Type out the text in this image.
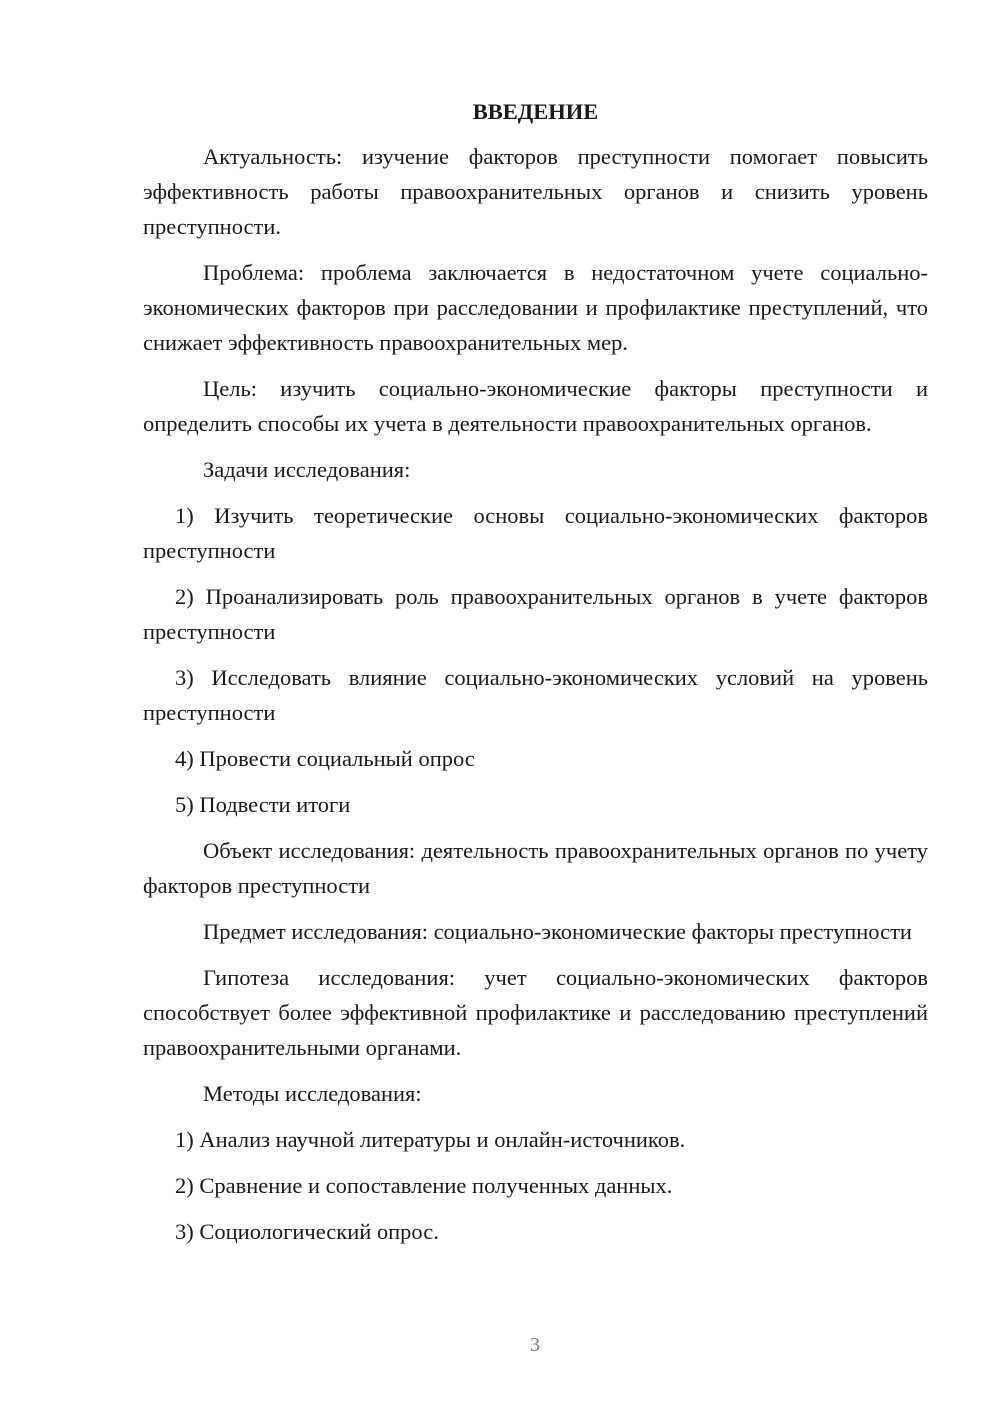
ВВЕДЕНИЕ

Актуальность: изучение факторов преступности помогает повысить эффективность работы правоохранительных органов и снизить уровень преступности.

Проблема: проблема заключается в недостаточном учете социально-экономических факторов при расследовании и профилактике преступлений, что снижает эффективность правоохранительных мер.

Цель: изучить социально-экономические факторы преступности и определить способы их учета в деятельности правоохранительных органов.

Задачи исследования:

1) Изучить теоретические основы социально-экономических факторов преступности

2) Проанализировать роль правоохранительных органов в учете факторов преступности

3) Исследовать влияние социально-экономических условий на уровень преступности

4) Провести социальный опрос

5) Подвести итоги

Объект исследования: деятельность правоохранительных органов по учету факторов преступности

Предмет исследования: социально-экономические факторы преступности

Гипотеза исследования: учет социально-экономических факторов способствует более эффективной профилактике и расследованию преступлений правоохранительными органами.

Методы исследования:

1) Анализ научной литературы и онлайн-источников.

2) Сравнение и сопоставление полученных данных.

3) Социологический опрос.

3
